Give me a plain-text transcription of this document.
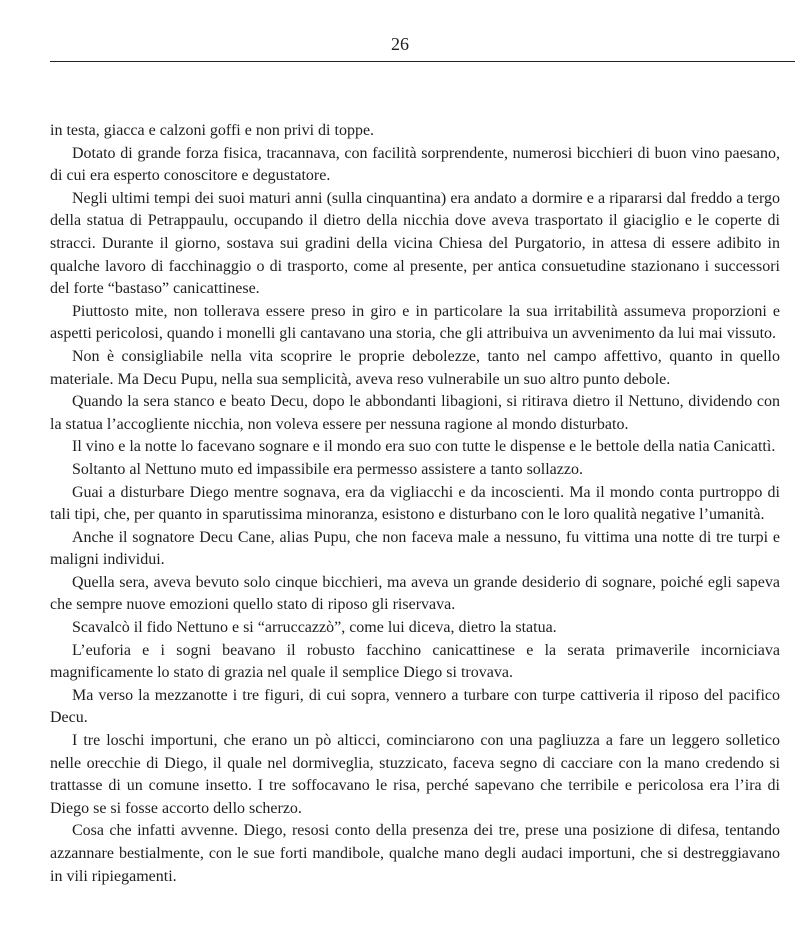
26

in testa, giacca e calzoni goffi e non privi di toppe.

Dotato di grande forza fisica, tracannava, con facilità sorprendente, numerosi bicchieri di buon vino paesano, di cui era esperto conoscitore e degustatore.

Negli ultimi tempi dei suoi maturi anni (sulla cinquantina) era andato a dormire e a ripararsi dal freddo a tergo della statua di Petrappaulu, occupando il dietro della nicchia dove aveva trasportato il giaciglio e le coperte di stracci. Durante il giorno, sostava sui gradini della vicina Chiesa del Purgatorio, in attesa di essere adibito in qualche lavoro di facchinaggio o di trasporto, come al presente, per antica consuetudine stazionano i successori del forte “bastaso” canicattinese.

Piuttosto mite, non tollerava essere preso in giro e in particolare la sua irritabilità assumeva proporzioni e aspetti pericolosi, quando i monelli gli cantavano una storia, che gli attribuiva un avvenimento da lui mai vissuto.

Non è consigliabile nella vita scoprire le proprie debolezze, tanto nel campo affettivo, quanto in quello materiale. Ma Decu Pupu, nella sua semplicità, aveva reso vulnerabile un suo altro punto debole.

Quando la sera stanco e beato Decu, dopo le abbondanti libagioni, si ritirava dietro il Nettuno, dividendo con la statua l’accogliente nicchia, non voleva essere per nessuna ragione al mondo disturbato.

Il vino e la notte lo facevano sognare e il mondo era suo con tutte le dispense e le bettole della natia Canicattì.

Soltanto al Nettuno muto ed impassibile era permesso assistere a tanto sollazzo.

Guai a disturbare Diego mentre sognava, era da vigliacchi e da incoscienti. Ma il mondo conta purtroppo di tali tipi, che, per quanto in sparutissima minoranza, esistono e disturbano con le loro qualità negative l’umanità.

Anche il sognatore Decu Cane, alias Pupu, che non faceva male a nessuno, fu vittima una notte di tre turpi e maligni individui.

Quella sera, aveva bevuto solo cinque bicchieri, ma aveva un grande desiderio di sognare, poiché egli sapeva che sempre nuove emozioni quello stato di riposo gli riservava.

Scavalcò il fido Nettuno e si “arruccazzò”, come lui diceva, dietro la statua.

L’euforia e i sogni beavano il robusto facchino canicattinese e la serata primaverile incorniciava magnificamente lo stato di grazia nel quale il semplice Diego si trovava.

Ma verso la mezzanotte i tre figuri, di cui sopra, vennero a turbare con turpe cattiveria il riposo del pacifico Decu.

I tre loschi importuni, che erano un pò alticci, cominciarono con una pagliuzza a fare un leggero solletico nelle orecchie di Diego, il quale nel dormiveglia, stuzzicato, faceva segno di cacciare con la mano credendo si trattasse di un comune insetto. I tre soffocavano le risa, perché sapevano che terribile e pericolosa era l’ira di Diego se si fosse accorto dello scherzo.

Cosa che infatti avvenne. Diego, resosi conto della presenza dei tre, prese una posizione di difesa, tentando azzannare bestialmente, con le sue forti mandibole, qualche mano degli audaci importuni, che si destreggiavano in vili ripiegamenti.
